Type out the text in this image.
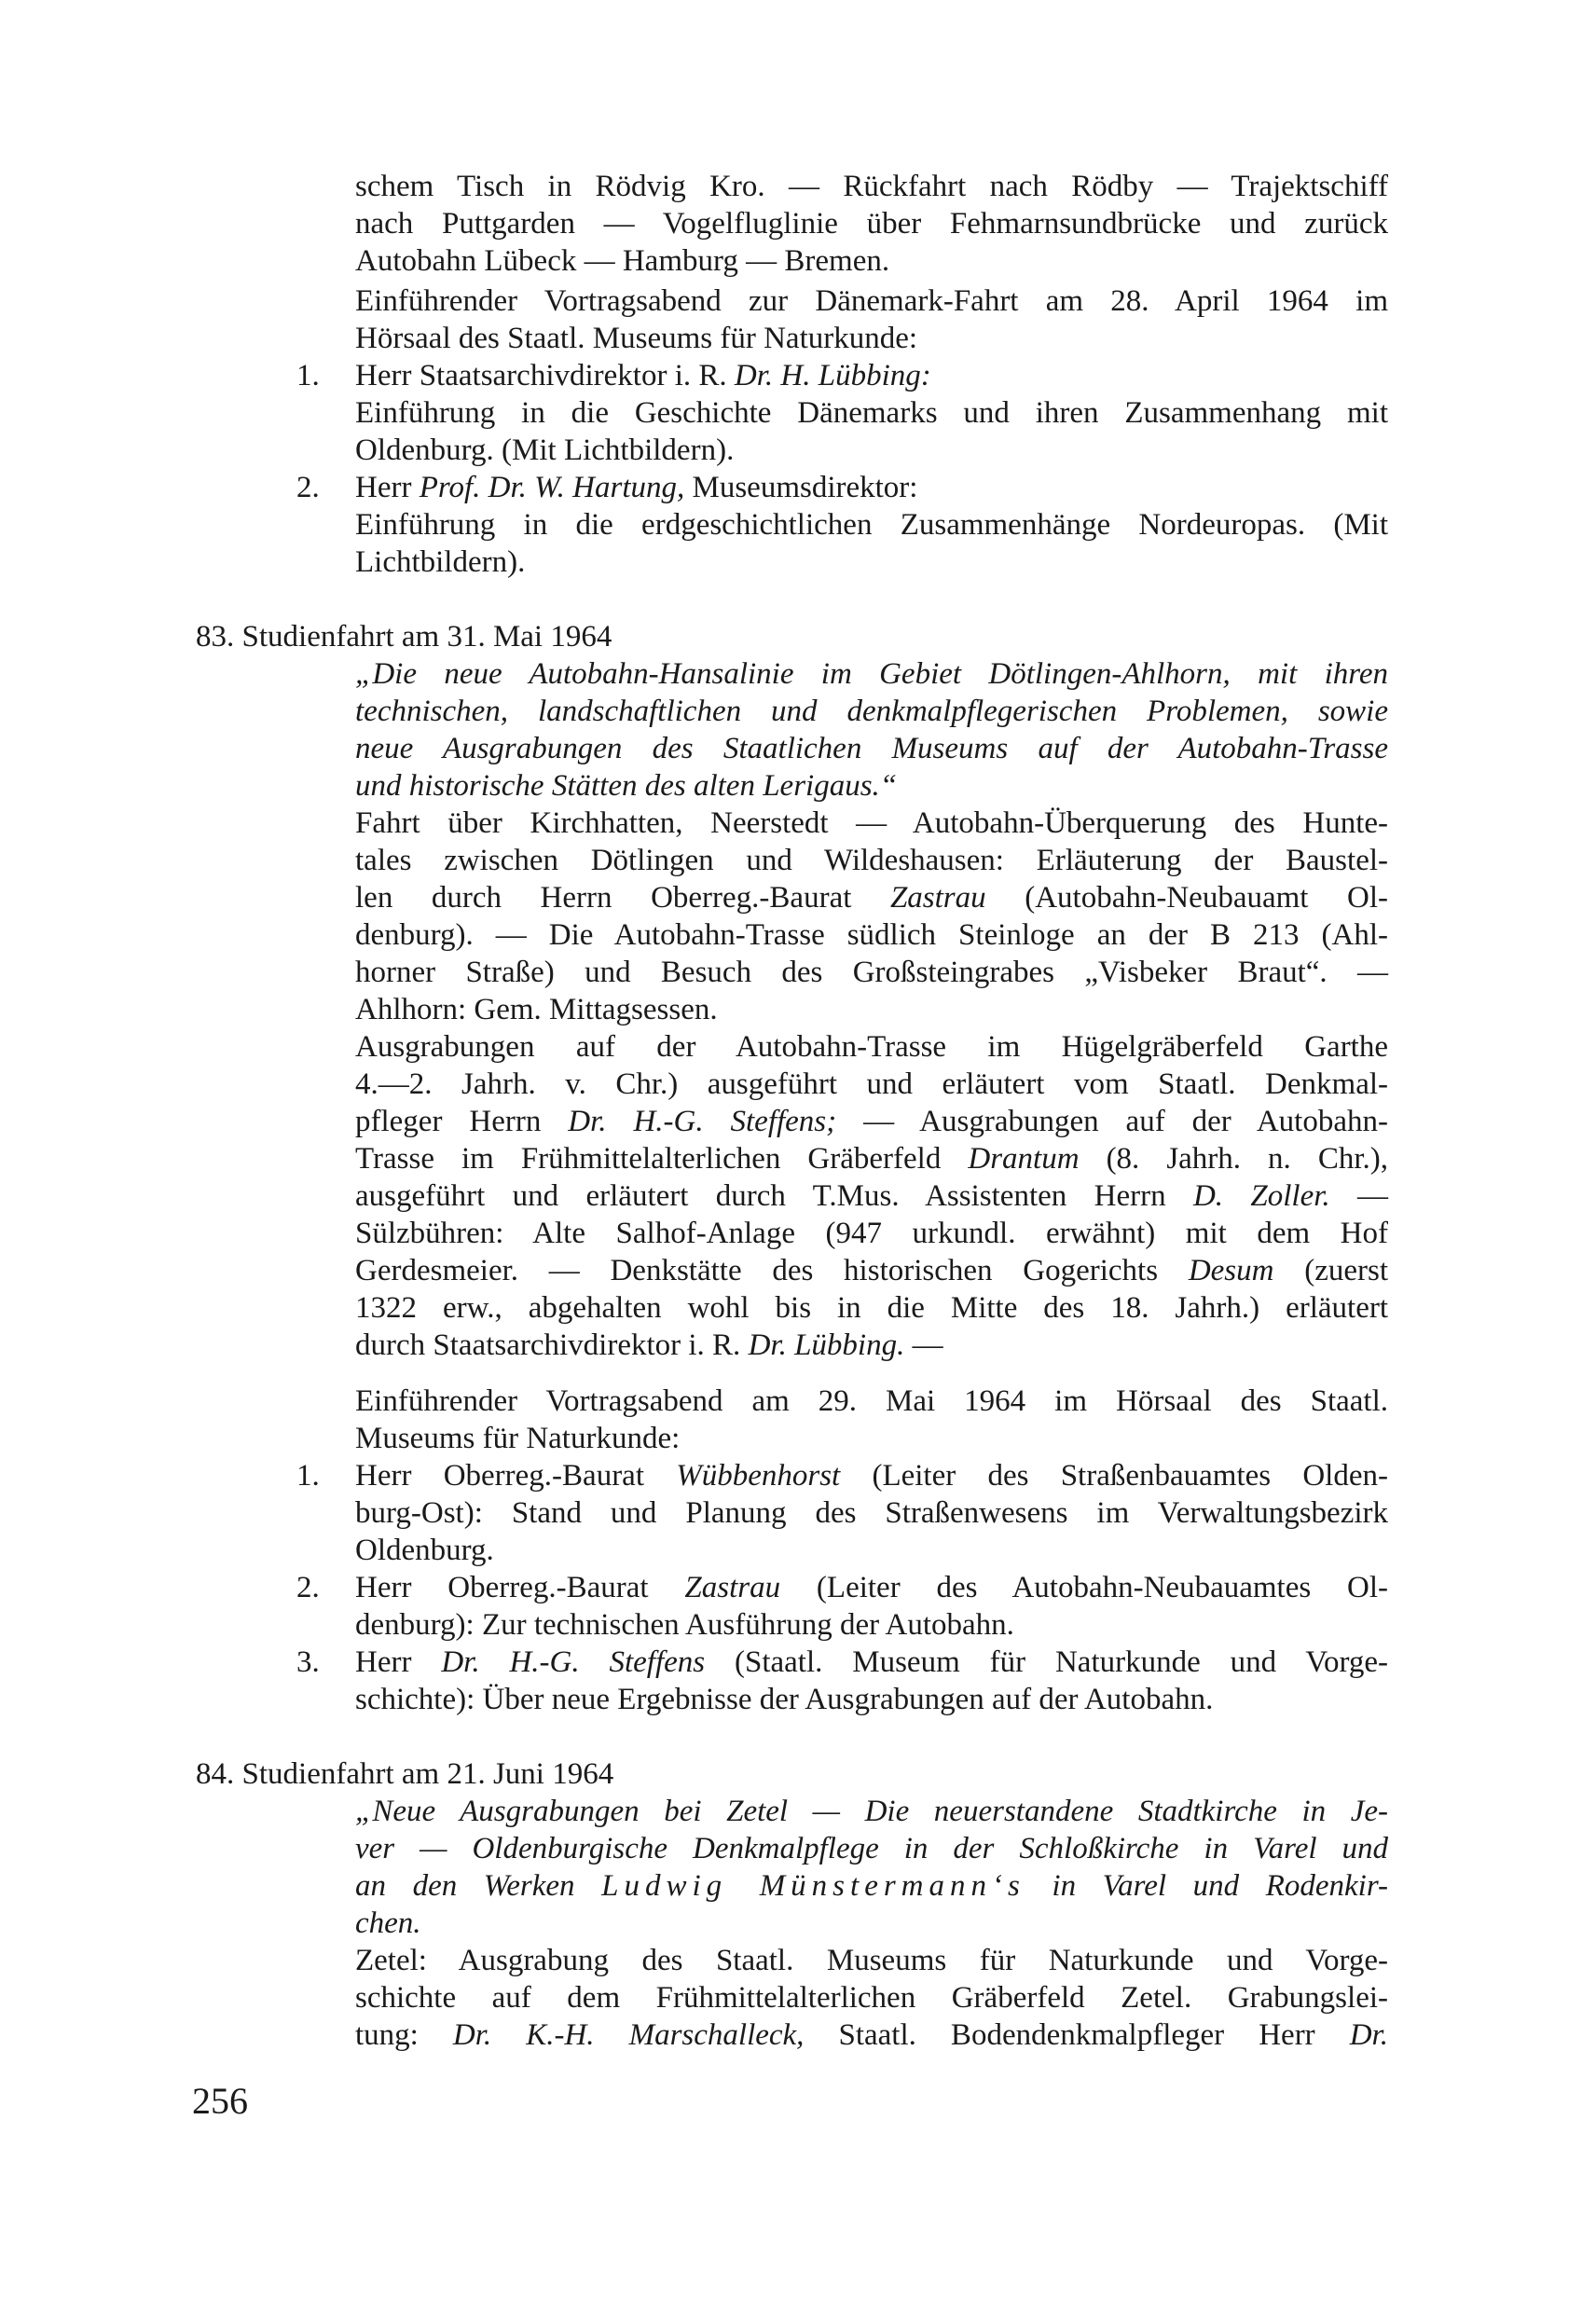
schem Tisch in Rödvig Kro. — Rückfahrt nach Rödby — Trajektschiff
nach Puttgarden — Vogelfluglinie über Fehmarnsundbrücke und zurück
Autobahn Lübeck — Hamburg — Bremen.
Einführender Vortragsabend zur Dänemark-Fahrt am 28. April 1964 im
Hörsaal des Staatl. Museums für Naturkunde:
1. Herr Staatsarchivdirektor i. R. Dr. H. Lübbing:
Einführung in die Geschichte Dänemarks und ihren Zusammenhang mit
Oldenburg. (Mit Lichtbildern).
2. Herr Prof. Dr. W. Hartung, Museumsdirektor:
Einführung in die erdgeschichtlichen Zusammenhänge Nordeuropas. (Mit
Lichtbildern).
83. Studienfahrt am 31. Mai 1964
„Die neue Autobahn-Hansalinie im Gebiet Dötlingen-Ahlhorn, mit ihren
technischen, landschaftlichen und denkmalpflegerischen Problemen, sowie
neue Ausgrabungen des Staatlichen Museums auf der Autobahn-Trasse
und historische Stätten des alten Lerigaus.“
Fahrt über Kirchhatten, Neerstedt — Autobahn-Überquerung des Hunte-
tales zwischen Dötlingen und Wildeshausen: Erläuterung der Baustel-
len durch Herrn Oberreg.-Baurat Zastrau (Autobahn-Neubauamt Ol-
denburg). — Die Autobahn-Trasse südlich Steinloge an der B 213 (Ahl-
horner Straße) und Besuch des Großsteingrabes „Visbeker Braut“. —
Ahlhorn: Gem. Mittagsessen.
Ausgrabungen auf der Autobahn-Trasse im Hügelgräberfeld Garthe
4.—2. Jahrh. v. Chr.) ausgeführt und erläutert vom Staatl. Denkmal-
pfleger Herrn Dr. H.-G. Steffens; — Ausgrabungen auf der Autobahn-
Trasse im Frühmittelalterlichen Gräberfeld Drantum (8. Jahrh. n. Chr.),
ausgeführt und erläutert durch T.Mus. Assistenten Herrn D. Zoller. —
Sülzbühren: Alte Salhof-Anlage (947 urkundl. erwähnt) mit dem Hof
Gerdesmeier. — Denkstätte des historischen Gogerichts Desum (zuerst
1322 erw., abgehalten wohl bis in die Mitte des 18. Jahrh.) erläutert
durch Staatsarchivdirektor i. R. Dr. Lübbing. —
Einführender Vortragsabend am 29. Mai 1964 im Hörsaal des Staatl.
Museums für Naturkunde:
1. Herr Oberreg.-Baurat Wübbenhorst (Leiter des Straßenbauamtes Olden-
burg-Ost): Stand und Planung des Straßenwesens im Verwaltungsbezirk
Oldenburg.
2. Herr Oberreg.-Baurat Zastrau (Leiter des Autobahn-Neubauamtes Ol-
denburg): Zur technischen Ausführung der Autobahn.
3. Herr Dr. H.-G. Steffens (Staatl. Museum für Naturkunde und Vorge-
schichte): Über neue Ergebnisse der Ausgrabungen auf der Autobahn.
84. Studienfahrt am 21. Juni 1964
„Neue Ausgrabungen bei Zetel — Die neuerstandene Stadtkirche in Je-
ver — Oldenburgische Denkmalpflege in der Schloßkirche in Varel und
an den Werken Ludwig Münstermann‘s in Varel und Rodenkir-
chen.
Zetel: Ausgrabung des Staatl. Museums für Naturkunde und Vorge-
schichte auf dem Frühmittelalterlichen Gräberfeld Zetel. Grabungslei-
tung: Dr. K.-H. Marschalleck, Staatl. Bodendenkmalpfleger Herr Dr.
256
